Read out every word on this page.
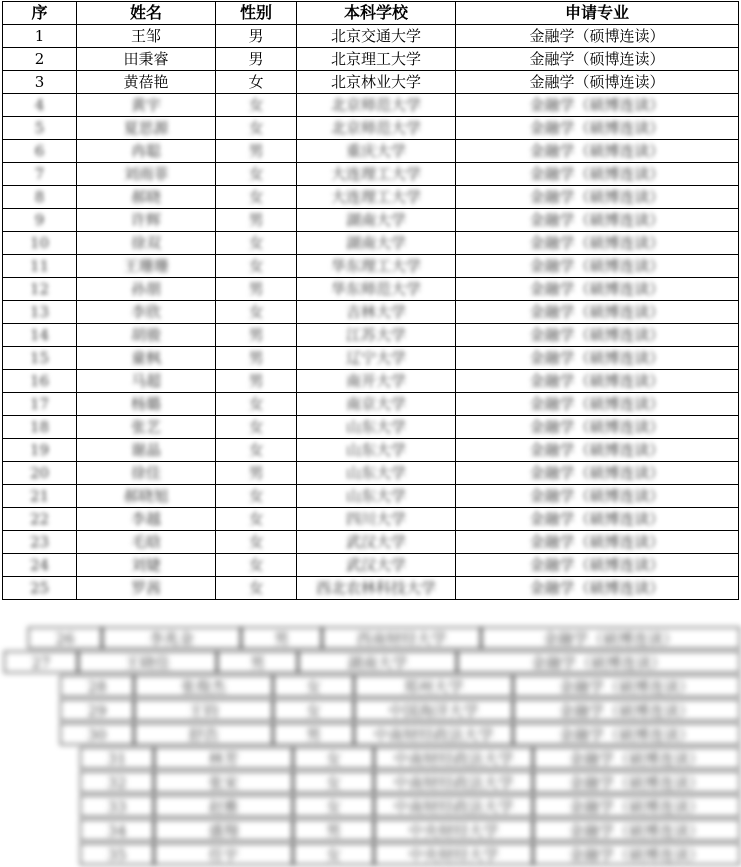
序	姓名	性别	本科学校	申请专业
1	王邹	男	北京交通大学	金融学（硕博连读）
2	田秉睿	男	北京理工大学	金融学（硕博连读）
3	黄蓓艳	女	北京林业大学	金融学（硕博连读）
4	黄宇	女	北京师范大学	金融学（硕博连读）
5	夏思源	女	北京师范大学	金融学（硕博连读）
6	冉聪	男	重庆大学	金融学（硕博连读）
7	刘雨菲	女	大连理工大学	金融学（硕博连读）
8	郝晓	女	大连理工大学	金融学（硕博连读）
9	许辉	男	湖南大学	金融学（硕博连读）
10	徐双	女	湖南大学	金融学（硕博连读）
11	王珊珊	女	华东理工大学	金融学（硕博连读）
12	孙朋	男	华东师范大学	金融学（硕博连读）
13	李欣	女	吉林大学	金融学（硕博连读）
14	胡骏	男	江苏大学	金融学（硕博连读）
15	童枫	男	辽宁大学	金融学（硕博连读）
16	马超	男	南开大学	金融学（硕博连读）
17	杨璐	女	南京大学	金融学（硕博连读）
18	张艺	女	山东大学	金融学（硕博连读）
19	谢晶	女	山东大学	金融学（硕博连读）
20	徐佳	男	山东大学	金融学（硕博连读）
21	郝晓旭	女	山东大学	金融学（硕博连读）
22	李越	女	四川大学	金融学（硕博连读）
23	毛晗	女	武汉大学	金融学（硕博连读）
24	刘婕	女	武汉大学	金融学（硕博连读）
25	罗茜	女	西北农林科技大学	金融学（硕博连读）
26	李兆金	男	西南财经大学	金融学（硕博连读）
27	王晓佳	男	湖南大学	金融学（硕博连读）
28	张俊杰	女	郑州大学	金融学（硕博连读）
29	王钧	女	中国海洋大学	金融学（硕博连读）
30	舒浩	男	中南财经政法大学	金融学（硕博连读）
31	林芳	女	中南财经政法大学	金融学（硕博连读）
32	张宋	女	中南财经政法大学	金融学（硕博连读）
33	赵雅	女	中南财经政法大学	金融学（硕博连读）
34	盛翔	男	中央财经大学	金融学（硕博连读）
35	任宇	女	中央财经大学	金融学（硕博连读）
